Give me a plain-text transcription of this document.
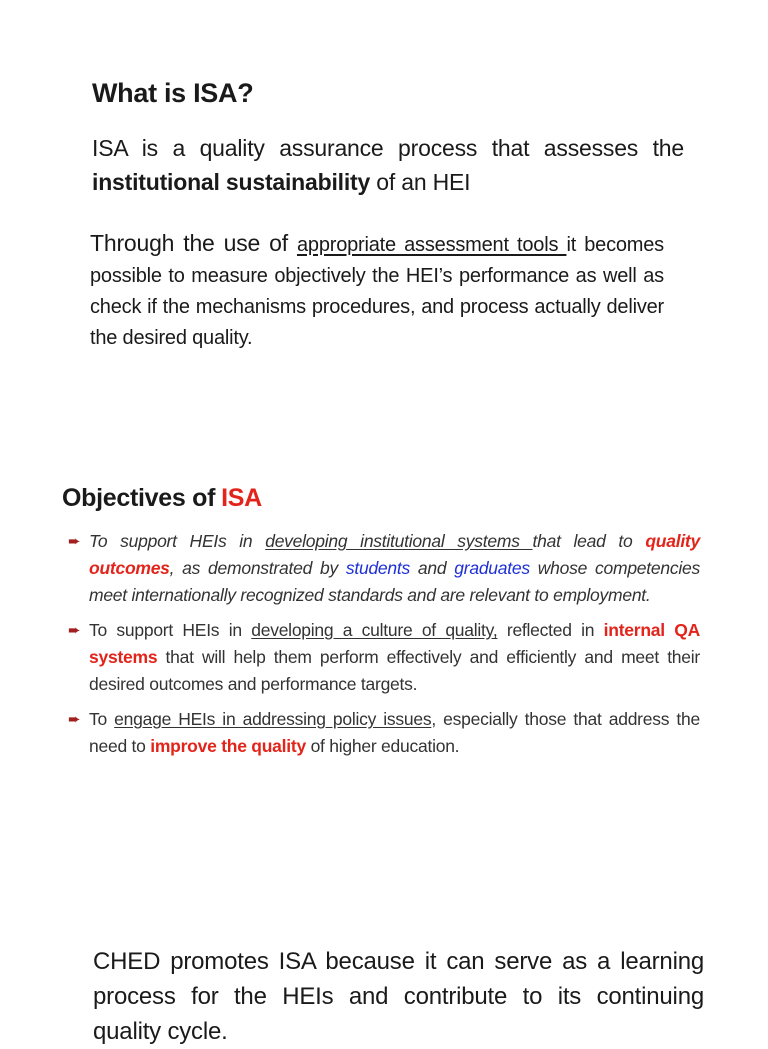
What is ISA?

ISA is a quality assurance process that assesses the institutional sustainability of an HEI

Through the use of appropriate assessment tools it becomes possible to measure objectively the HEI’s performance as well as check if the mechanisms procedures, and process actually deliver the desired quality.

Objectives of ISA
➨ To support HEIs in developing institutional systems that lead to quality outcomes, as demonstrated by students and graduates whose competencies meet internationally recognized standards and are relevant to employment.
➨ To support HEIs in developing a culture of quality, reflected in internal QA systems that will help them perform effectively and efficiently and meet their desired outcomes and performance targets.
➨ To engage HEIs in addressing policy issues, especially those that address the need to improve the quality of higher education.

CHED promotes ISA because it can serve as a learning process for the HEIs and contribute to its continuing quality cycle.
